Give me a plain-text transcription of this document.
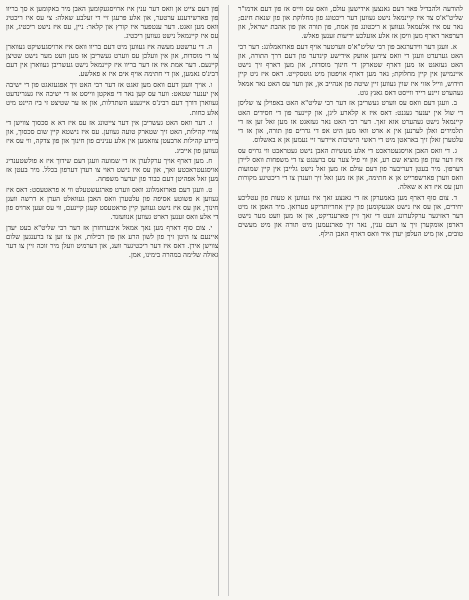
להודעה ולהבדיל פאר דעם גאנצען אידישען עולם, וואס עס ווייס אז פון דעם אדמו"ר שליט"א'ס צד איז קיינמאל נישט געווען דער ריכטונג פון מחלוקת און פון שנאת חינם; נאר עס איז אלעמאל געווען א ריכטונג פון אמת, פון תורה און פון אהבת ישראל, און דערפאר דארף מען וויסן אז אלע אזעלכע ידיעות זענען פאלש.

א. וועגן דער ווידערגאב פון רבי שליט"א'ס ווערטער אויף דעם פארזאמלונג: דער רבי האט גערעדט וועגן די וואס ציהען אוועק אידישע קינדער פון דעם דרך התורה, און האט געזאגט אז מען דארף שטארקן די חינוך מוסדות, און מען דארף זיך נישט איינמישן אין קיין מחלוקת; נאר מען דארף אויפטון מיט גוטסקייט. דאס איז ניט קיין חידוש, ווייל אזוי איז שוין געווען זיין שיטה פון אנהייב אן, און ווער עס האט נאר אמאל געהערט זיינע רייד ווייסט דאס גאנץ גוט.

ב. וועגן דעם וואס עס ווערט געשריבן אז דער רבי שליט"א האט באפוילן צו שליסן די שול אין יענער געגנט: דאס איז א קלארע ליגן, און קיינער פון די חסידים האט קיינמאל נישט געהערט אזא זאך. דער רבי האט נאר געזאגט אז מען זאל זען אז די תלמידים זאלן לערנען אין א ארט וואו מען היט אפ די גדרים פון תורה, און אז די עלטערן זאלן זיך באראטן מיט די ראשי הישיבות איידער זיי נעמען אן א באשלוס.

ג. די וואס האבן אויסגעטראכט די אלע מעשיות האבן נישט געטראכט ווי גרויס עס איז דער עוון פון מוציא שם רע, און ווי פיל צער עס ברענגט צו די משפחות וואס ליידן דערפון. מיר בעטן דעריבער פון דעם עולם אז מען זאל נישט גלייבן אין קיין שמועות וואס ווערן פארשפרייט אן א חתימה, און אז מען זאל זיך ווענדן צו די ריכטיגע מקורות ווען עס איז דא א שאלה.

ד. צום סוף דארף מען באמערקן אז די גאנצע זאך איז געווען א טעות פון עטליכע יחידים, און עס איז נישט אנגעקומען פון קיין אחריותדיקע פערזאן. מיר האפן אז מיט דער דאזיגער ערקלערונג וועט די זאך זיין פארענדיקט, און אז מען וועט מער נישט דארפן אומקערן זיך צו דעם ענין, נאר זיך פארנעמען מיט תורה און מיט מעשים טובים, און מיט העלפן יעדן איד וואס דארף האבן הילף.

פון דעם צייט אן וואס דער ענין איז ארויסגעקומען האבן מיר באקומען א סך בריוו פון פארשידענע ערטער, און אלע פרעגן זיי די זעלבע שאלה: צי עס איז ריכטיג וואס מען זאגט. דער ענטפער איז קורץ און קלאר: ניין, עס איז נישט ריכטיג, און עס איז קיינמאל נישט געווען ריכטיג.

ה. די ערשטע מעשה איז געווען מיט דעם בריוו וואס איז ארויסגעשיקט געווארן צו די מוסדות, און אין וועלכן עס ווערט געשריבן אז מען וועט מער נישט שטיצן קיינעם. דער אמת איז אז דער בריוו איז קיינמאל נישט געשריבן געווארן אין דעם רבינ'ס נאמען, און די חתימה אויף אים איז א פאלשע.

ו. אויך וועגן דעם וואס מען זאגט אז דער רבי האט זיך אפגעזאגט פון די ישיבה אין יענער שטאט: ווער עס קען נאר די פאקטן ווייסט אז די ישיבה איז געגרינדעט געווארן דורך דעם רבינ'ס אייגענע השתדלות, און אז ער שטיצט זי ביז היינט מיט אלע כחות.

ז. דער וואס האט געשריבן אין דער צייטונג אז עס איז דא א סכסוך צווישן די צוויי קהילות, האט זיך שטארק טועה געווען. עס איז נישטא קיין שום סכסוך, און ביידע קהילות ארבעטן צוזאמען אין אלע ענינים פון חינוך און פון צדקה, ווי עס איז געווען פון אייביג.

ח. מען דארף אויך ערקלערן אז די שמועה וועגן דעם שידוך איז א פולשטענדיג אויסגעטראכטע זאך, און עס איז נישט ראוי צו רעדן דערפון בכלל. מיר בעטן אז מען זאל אפהיטן דעם כבוד פון יעדער משפחה.

ט. וועגן דעם פארזאמלונג וואס ווערט פארגעשטעלט ווי א פראטעסט: דאס איז געווען א פשוטע אסיפה פון עלטערן וואס האבן געוואלט הערן א דרשה וועגן חינוך, און עס איז נישט געווען קיין פראטעסט קעגן קיינעם, ווי עס זעען ארויס פון די אלע וואס זענען דארט געווען אנוועזנד.

י. צום סוף דארף מען נאך אמאל איבערחזרן אז דער רבי שליט"א בעט יעדן איינעם צו היטן זיך פון לשון הרע און פון רכילות, און צו זען צו ברענגען שלום צווישן אידן. דאס איז דער ריכטיגער וועג, און דערמיט וועלן מיר זוכה זיין צו דער גאולה שלימה במהרה בימינו, אמן.
